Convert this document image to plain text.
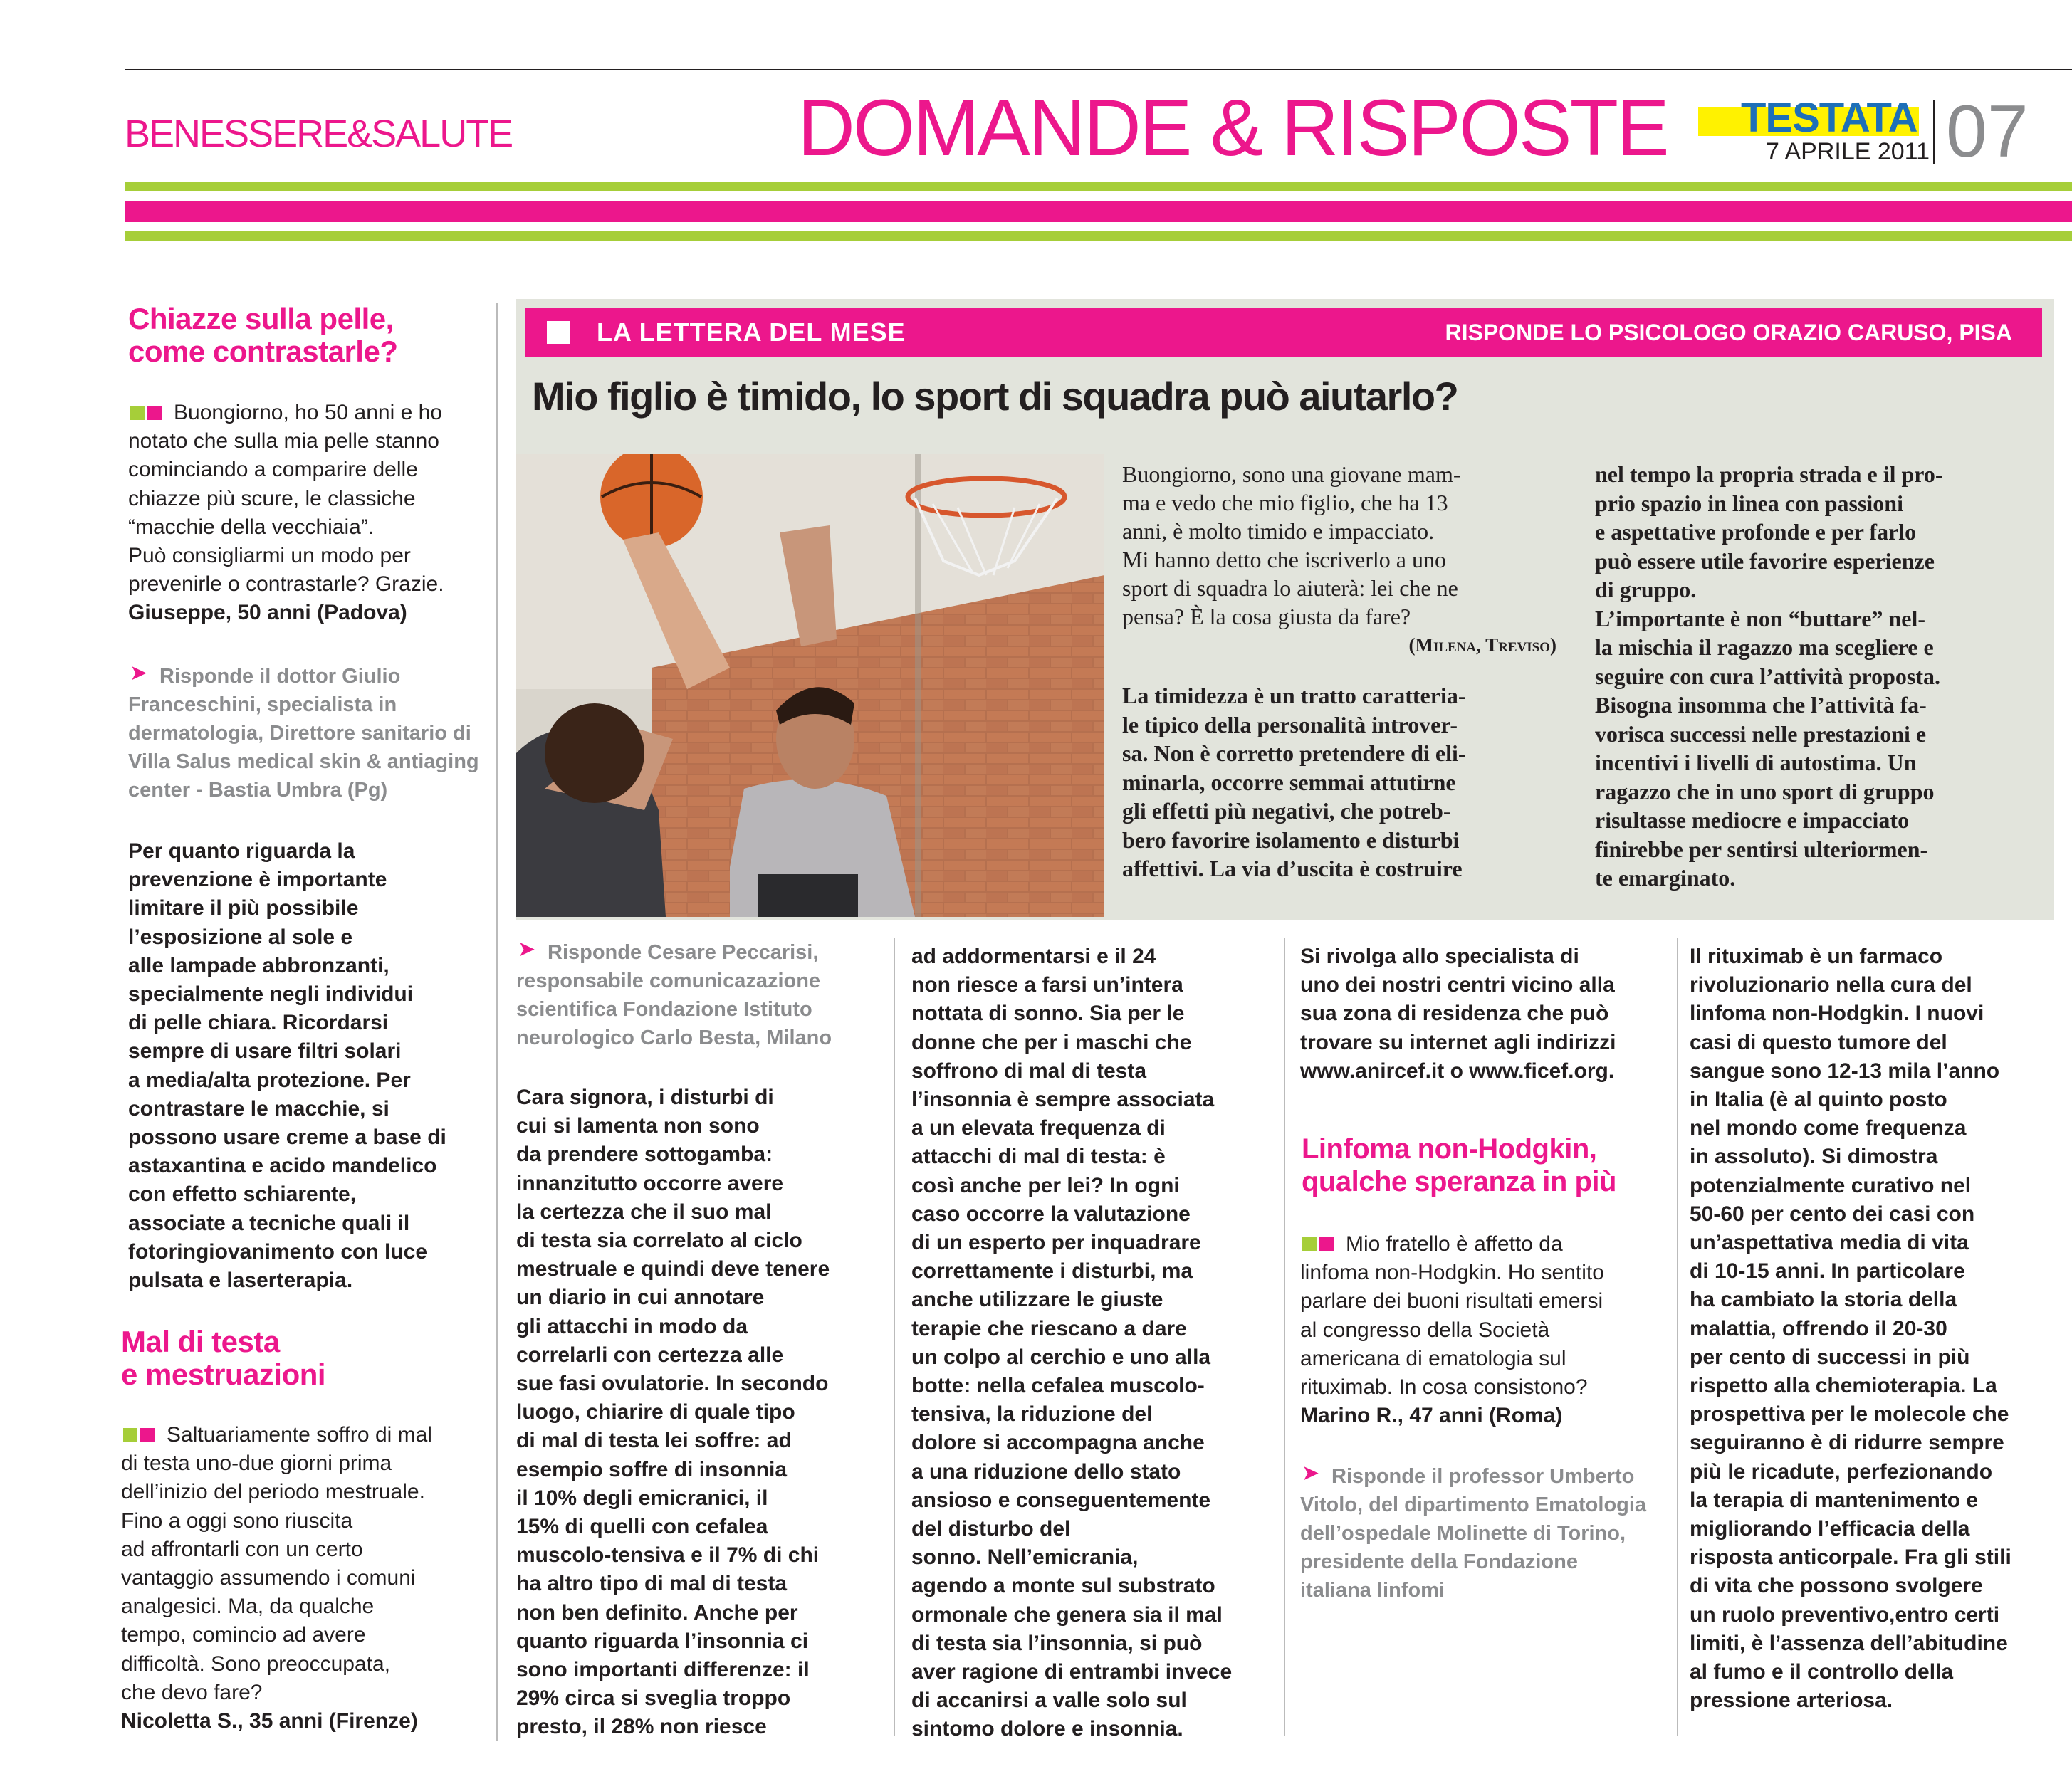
BENESSERE&SALUTE	DOMANDE & RISPOSTE TESTATA
7 APRILE 2011 07

Chiazze sulla pelle,
come contrastarle?

Buongiorno, ho 50 anni e ho
notato che sulla mia pelle stanno
cominciando a comparire delle
chiazze più scure, le classiche
“macchie della vecchiaia”.
Può consigliarmi un modo per
prevenirle o contrastarle? Grazie.

Giuseppe, 50 anni (Padova)

➤ Risponde il dottor Giulio
Franceschini, specialista in
dermatologia, Direttore sanitario di
Villa Salus medical skin & antiaging
center - Bastia Umbra (Pg)

Per quanto riguarda la
prevenzione è importante
limitare il più possibile
l’esposizione al sole e
alle lampade abbronzanti,
specialmente negli individui
di pelle chiara. Ricordarsi
sempre di usare filtri solari
a media/alta protezione. Per
contrastare le macchie, si
possono usare creme a base di
astaxantina e acido mandelico
con effetto schiarente,
associate a tecniche quali il
fotoringiovanimento con luce
pulsata e laserterapia.

Mal di testa
e mestruazioni

Saltuariamente soffro di mal
di testa uno-due giorni prima
dell’inizio del periodo mestruale.
Fino a oggi sono riuscita
ad affrontarli con un certo
vantaggio assumendo i comuni
analgesici. Ma, da qualche
tempo, comincio ad avere
difficoltà. Sono preoccupata,
che devo fare?

Nicoletta S., 35 anni (Firenze)

LA LETTERA DEL MESE	RISPONDE LO PSICOLOGO ORAZIO CARUSO, PISA
Mio figlio è timido, lo sport di squadra può aiutarlo?

Buongiorno, sono una giovane mam-
ma e vedo che mio figlio, che ha 13
anni, è molto timido e impacciato.
Mi hanno detto che iscriverlo a uno
sport di squadra lo aiuterà: lei che ne
pensa? È la cosa giusta da fare?

(Milena, Treviso)

La timidezza è un tratto caratteria-
le tipico della personalità introver-
sa. Non è corretto pretendere di eli-
minarla, occorre semmai attutirne
gli effetti più negativi, che potreb-
bero favorire isolamento e disturbi
affettivi. La via d’uscita è costruire

nel tempo la propria strada e il pro-
prio spazio in linea con passioni
e aspettative profonde e per farlo
può essere utile favorire esperienze
di gruppo.

L’importante è non “buttare” nel-
la mischia il ragazzo ma scegliere e
seguire con cura l’attività proposta.
Bisogna insomma che l’attività fa-
vorisca successi nelle prestazioni e
incentivi i livelli di autostima. Un
ragazzo che in uno sport di gruppo
risultasse mediocre e impacciato
finirebbe per sentirsi ulteriormen-
te emarginato.

➤ Risponde Cesare Peccarisi,
responsabile comunicazazione
scientifica Fondazione Istituto
neurologico Carlo Besta, Milano

Cara signora, i disturbi di
cui si lamenta non sono
da prendere sottogamba:
innanzitutto occorre avere
la certezza che il suo mal
di testa sia correlato al ciclo
mestruale e quindi deve tenere
un diario in cui annotare
gli attacchi in modo da
correlarli con certezza alle
sue fasi ovulatorie. In secondo
luogo, chiarire di quale tipo
di mal di testa lei soffre: ad
esempio soffre di insonnia
il 10% degli emicranici, il
15% di quelli con cefalea
muscolo-tensiva e il 7% di chi
ha altro tipo di mal di testa
non ben definito. Anche per
quanto riguarda l’insonnia ci
sono importanti differenze: il
29% circa si sveglia troppo
presto, il 28% non riesce

ad addormentarsi e il 24
non riesce a farsi un’intera
nottata di sonno. Sia per le
donne che per i maschi che
soffrono di mal di testa
l’insonnia è sempre associata
a un elevata frequenza di
attacchi di mal di testa: è
così anche per lei? In ogni
caso occorre la valutazione
di un esperto per inquadrare
correttamente i disturbi, ma
anche utilizzare le giuste
terapie che riescano a dare
un colpo al cerchio e uno alla
botte: nella cefalea muscolo-
tensiva, la riduzione del
dolore si accompagna anche
a una riduzione dello stato
ansioso e conseguentemente
del disturbo del
sonno. Nell’emicrania,
agendo a monte sul substrato
ormonale che genera sia il mal
di testa sia l’insonnia, si può
aver ragione di entrambi invece
di accanirsi a valle solo sul
sintomo dolore e insonnia.

Si rivolga allo specialista di
uno dei nostri centri vicino alla
sua zona di residenza che può
trovare su internet agli indirizzi
www.anircef.it o www.ficef.org.

Linfoma non-Hodgkin,
qualche speranza in più

Mio fratello è affetto da
linfoma non-Hodgkin. Ho sentito
parlare dei buoni risultati emersi
al congresso della Società
americana di ematologia sul
rituximab. In cosa consistono?

Marino R., 47 anni (Roma)

➤ Risponde il professor Umberto
Vitolo, del dipartimento Ematologia
dell’ospedale Molinette di Torino,
presidente della Fondazione
italiana linfomi

Il rituximab è un farmaco
rivoluzionario nella cura del
linfoma non-Hodgkin. I nuovi
casi di questo tumore del
sangue sono 12-13 mila l’anno
in Italia (è al quinto posto
nel mondo come frequenza
in assoluto). Si dimostra
potenzialmente curativo nel
50-60 per cento dei casi con
un’aspettativa media di vita
di 10-15 anni. In particolare
ha cambiato la storia della
malattia, offrendo il 20-30
per cento di successi in più
rispetto alla chemioterapia. La
prospettiva per le molecole che
seguiranno è di ridurre sempre
più le ricadute, perfezionando
la terapia di mantenimento e
migliorando l’efficacia della
risposta anticorpale. Fra gli stili
di vita che possono svolgere
un ruolo preventivo,entro certi
limiti, è l’assenza dell’abitudine
al fumo e il controllo della
pressione arteriosa.
